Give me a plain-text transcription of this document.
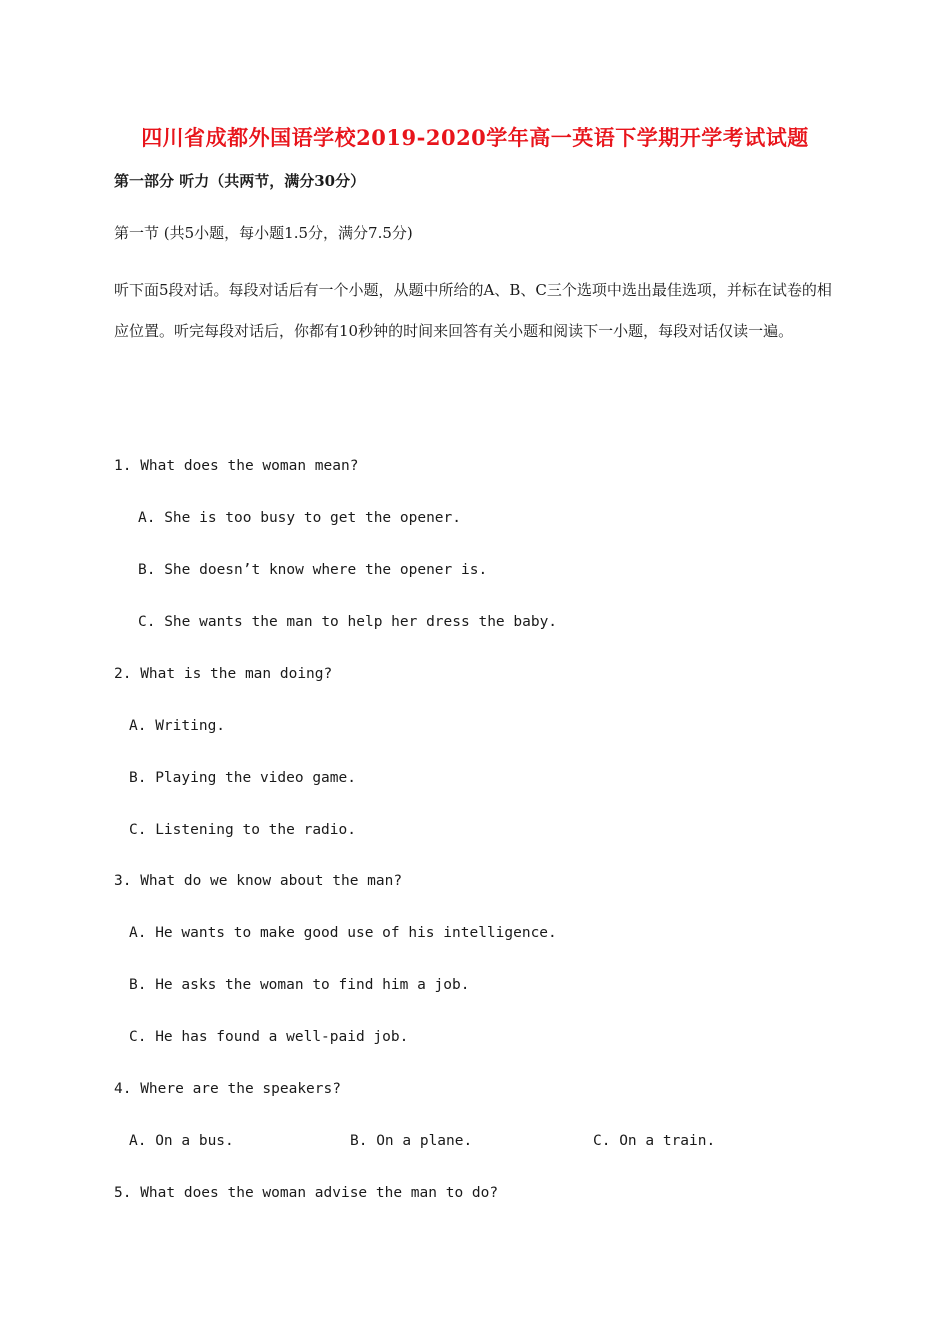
四川省成都外国语学校2019-2020学年高一英语下学期开学考试试题
第一部分 听力（共两节，满分30分）
第一节 (共5小题，每小题1.5分，满分7.5分)

听下面5段对话。每段对话后有一个小题，从题中所给的A、B、C三个选项中选出最佳选项，并标在试卷的相应位置。听完每段对话后，你都有10秒钟的时间来回答有关小题和阅读下一小题，每段对话仅读一遍。

1. What does the woman mean?
A. She is too busy to get the opener.
B. She doesn’t know where the opener is.
C. She wants the man to help her dress the baby.
2. What is the man doing?
A. Writing.
B. Playing the video game.
C. Listening to the radio.
3. What do we know about the man?
A. He wants to make good use of his intelligence.
B. He asks the woman to find him a job.
C. He has found a well-paid job.
4. Where are the speakers?
A. On a bus.	B. On a plane.	C. On a train.
5. What does the woman advise the man to do?
